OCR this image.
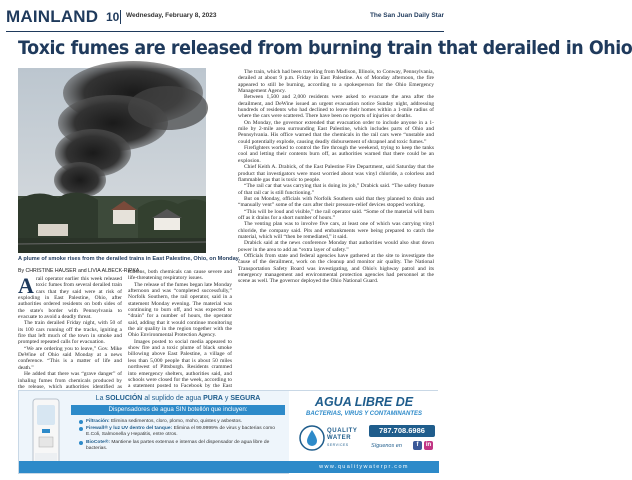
MAINLAND 10 Wednesday, February 8, 2023	The San Juan Daily Star
Toxic fumes are released from burning train that derailed in Ohio
A plume of smoke rises from the derailed trains in East Palestine, Ohio, on Monday.
By CHRISTINE HAUSER and LIVIA ALBECK-RIPKA

Arail operator earlier this week released toxic fumes from several derailed train cars that they said were at risk of exploding in East Palestine, Ohio, after authorities ordered residents on both sides of the state's border with Pennsylvania to evacuate to avoid a deadly threat.

The train derailed Friday night, with 50 of its 100 cars running off the tracks, igniting a fire that left much of the town in smoke and prompted repeated calls for evacuation.

“We are ordering you to leave,” Gov. Mike DeWine of Ohio said Monday at a news conference. “This is a matter of life and death.”

He added that there was “grave danger” of inhaling fumes from chemicals produced by the release, which authorities identified as

trations, both chemicals can cause severe and life-threatening respiratory issues.

The release of the fumes began late Monday afternoon and was “completed successfully,” Norfolk Southern, the rail operator, said in a statement Monday evening. The material was continuing to burn off, and was expected to “drain” for a number of hours, the operator said, adding that it would continue monitoring the air quality in the region together with the Ohio Environmental Protection Agency.

Images posted to social media appeared to show fire and a toxic plume of black smoke billowing above East Palestine, a village of less than 5,000 people that is about 50 miles northwest of Pittsburgh. Residents crammed into emergency shelters, authorities said, and schools were closed for the week, according to a statement posted to Facebook by the East

The train, which had been traveling from Madison, Illinois, to Conway, Pennsylvania, derailed at about 9 p.m. Friday in East Palestine. As of Monday afternoon, the fire appeared to still be burning, according to a spokesperson for the Ohio Emergency Management Agency.

Between 1,500 and 2,000 residents were asked to evacuate the area after the derailment, and DeWine issued an urgent evacuation notice Sunday night, addressing hundreds of residents who had declined to leave their homes within a 1-mile radius of where the cars were scattered. There have been no reports of injuries or deaths.

On Monday, the governor extended that evacuation order to include anyone in a 1-mile by 2-mile area surrounding East Palestine, which includes parts of Ohio and Pennsylvania. His office warned that the chemicals in the rail cars were “unstable and could potentially explode, causing deadly disbursement of shrapnel and toxic fumes.”

Firefighters worked to control the fire through the weekend, trying to keep the tanks cool and letting their contents burn off, as authorities warned that there could be an explosion.

Chief Keith A. Drabick, of the East Palestine Fire Department, said Saturday that the product that investigators were most worried about was vinyl chloride, a colorless and flammable gas that is toxic to people.

“The rail car that was carrying that is doing its job,” Drabick said. “The safety feature of that rail car is still functioning.”

But on Monday, officials with Norfolk Southern said that they planned to drain and “manually vent” some of the cars after their pressure-relief devices stopped working.

“This will be loud and visible,” the rail operator said. “Some of the material will burn off as it drains for a short number of hours.”

The venting plan was to involve five cars, at least one of which was carrying vinyl chloride, the company said. Pits and embankments were being prepared to catch the material, which will “then be remediated,” it said.

Drabick said at the news conference Monday that authorities would also shut down power in the area to add an “extra layer of safety.”

Officials from state and federal agencies have gathered at the site to investigate the cause of the derailment, work on the cleanup and monitor air quality. The National Transportation Safety Board was investigating, and Ohio's highway patrol and its emergency management and environmental protection agencies had personnel at the scene as well. The governor deployed the Ohio National Guard.

La SOLUCIÓN al suplido de agua PURA y SEGURA
Dispensadores de agua SIN botellón que incluyen:
Filtración: Elimina sedimentos, cloro, plomo, moho, quistes y asbestos.
Firewall® y luz UV dentro del tanque: Elimina el 99.9999% de virus y bacterias como E.Coli, Salmonella y Hepatitis, entre otros.
BioCote®: Mantiene las partes externas e internas del dispensador de agua libre de bacterias.
AGUA LIBRE DE
BACTERIAS, VIRUS Y CONTAMINANTES
QUALITY
WATER
SERVICES
787.708.6986
Síguenos en	f	in
www.qualitywaterpr.com
